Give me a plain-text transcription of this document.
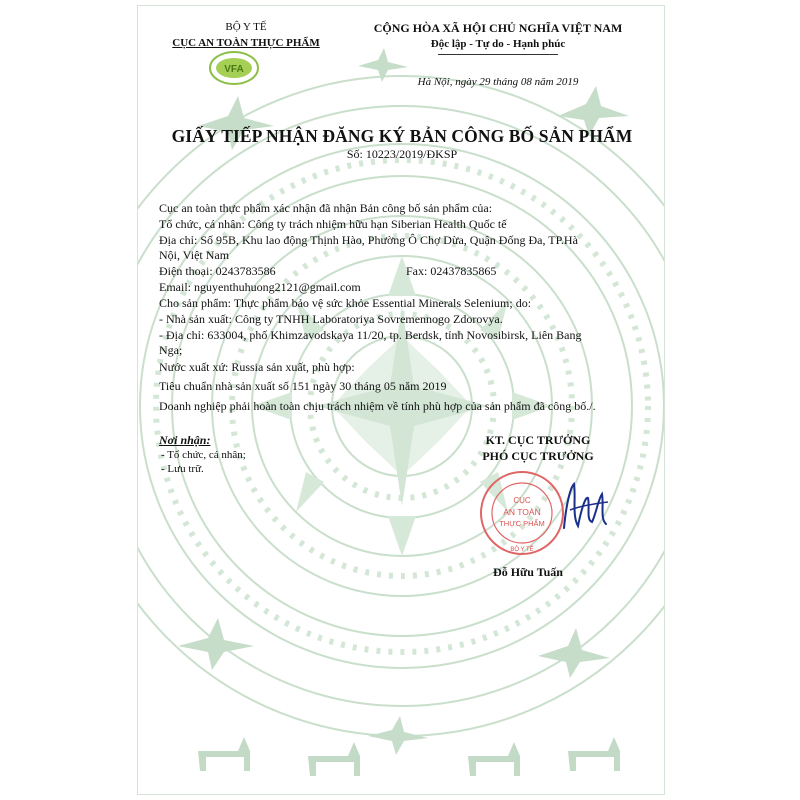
BỘ Y TẾ
CỤC AN TOÀN THỰC PHẨM
VFA
CỘNG HÒA XÃ HỘI CHỦ NGHĨA VIỆT NAM
Độc lập - Tự do - Hạnh phúc
Hà Nội, ngày 29 tháng 08 năm 2019
GIẤY TIẾP NHẬN ĐĂNG KÝ BẢN CÔNG BỐ SẢN PHẨM
Số: 10223/2019/ĐKSP
Cục an toàn thực phẩm xác nhận đã nhận Bản công bố sản phẩm của:
Tổ chức, cá nhân: Công ty trách nhiệm hữu hạn Siberian Health Quốc tế
Địa chỉ: Số 95B, Khu lao động Thịnh Hào, Phường Ô Chợ Dừa, Quận Đống Đa, TP.Hà
Nội, Việt Nam
Điện thoại: 0243783586	Fax: 02437835865
Email: nguyenthuhuong2121@gmail.com
Cho sản phẩm: Thực phẩm bảo vệ sức khỏe Essential Minerals Selenium; do:
- Nhà sản xuất: Công ty TNHH Laboratoriya Sovremennogo Zdorovya.
- Địa chỉ: 633004, phố Khimzavodskaya 11/20, tp. Berdsk, tỉnh Novosibirsk, Liên Bang
Nga;
Nước xuất xứ: Russia sản xuất, phù hợp:
Tiêu chuẩn nhà sản xuất số 151 ngày 30 tháng 05 năm 2019
Doanh nghiệp phải hoàn toàn chịu trách nhiệm về tính phù hợp của sản phẩm đã công bố./.
Nơi nhận:
- Tổ chức, cá nhân;
- Lưu trữ.
KT. CỤC TRƯỞNG
PHÓ CỤC TRƯỞNG
CỤC
AN TOÀN
THỰC PHẨM
BỘ Y TẾ
Đỗ Hữu Tuấn
